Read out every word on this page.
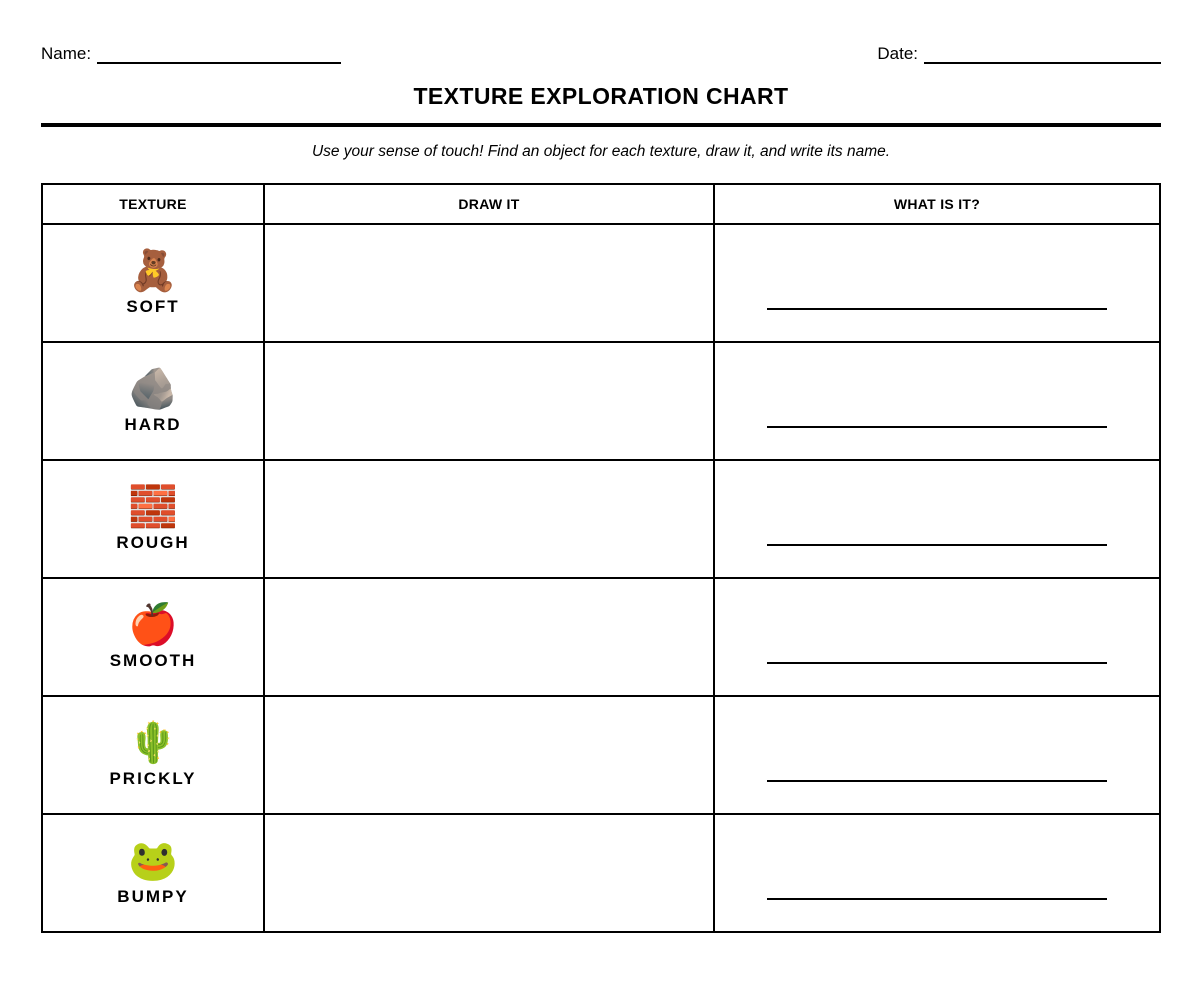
Name:	Date:
TEXTURE EXPLORATION CHART
Use your sense of touch! Find an object for each texture, draw it, and write its name.
TEXTURE	DRAW IT	WHAT IS IT?

🧸
SOFT		

🪨
HARD		

🧱
ROUGH		

🍎
SMOOTH		

🌵
PRICKLY		

🐸
BUMPY		
